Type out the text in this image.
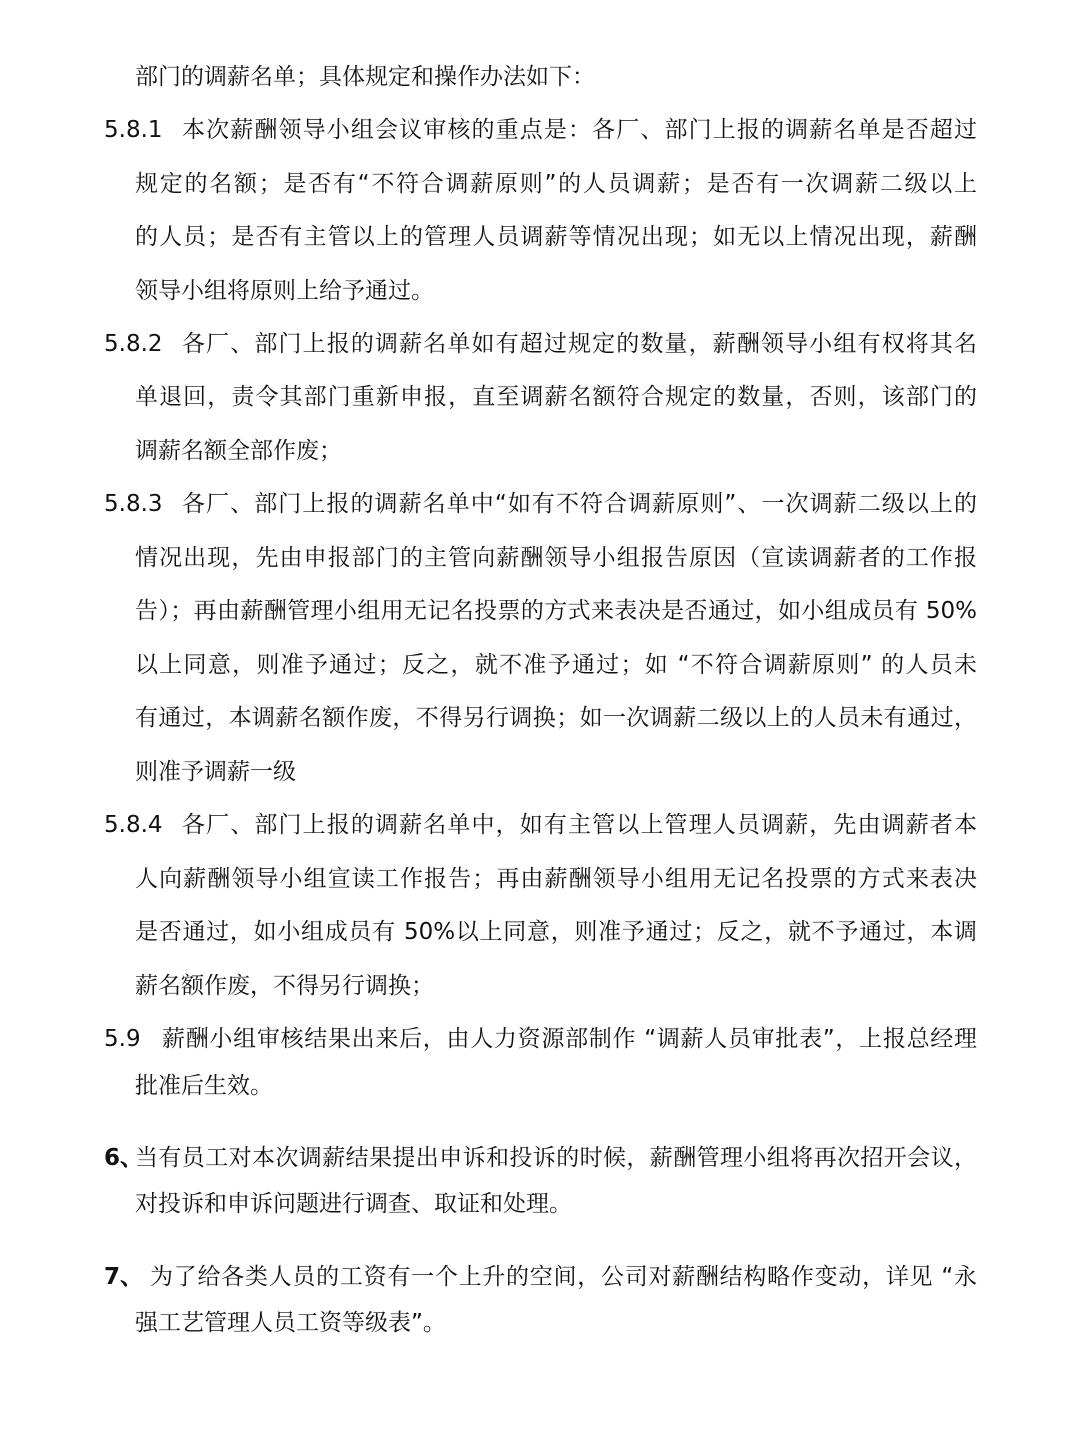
部门的调薪名单；具体规定和操作办法如下：
5.8.1 本次薪酬领导小组会议审核的重点是：各厂、部门上报的调薪名单是否超过
规定的名额；是否有“不符合调薪原则”的人员调薪；是否有一次调薪二级以上
的人员；是否有主管以上的管理人员调薪等情况出现；如无以上情况出现，薪酬
领导小组将原则上给予通过。
5.8.2 各厂、部门上报的调薪名单如有超过规定的数量，薪酬领导小组有权将其名
单退回，责令其部门重新申报，直至调薪名额符合规定的数量，否则，该部门的
调薪名额全部作废；
5.8.3 各厂、部门上报的调薪名单中“如有不符合调薪原则”、一次调薪二级以上的
情况出现，先由申报部门的主管向薪酬领导小组报告原因（宣读调薪者的工作报
告）；再由薪酬管理小组用无记名投票的方式来表决是否通过，如小组成员有 50%
以上同意，则准予通过；反之，就不准予通过；如 “不符合调薪原则” 的人员未
有通过，本调薪名额作废，不得另行调换；如一次调薪二级以上的人员未有通过，
则准予调薪一级
5.8.4 各厂、部门上报的调薪名单中，如有主管以上管理人员调薪，先由调薪者本
人向薪酬领导小组宣读工作报告；再由薪酬领导小组用无记名投票的方式来表决
是否通过，如小组成员有 50%以上同意，则准予通过；反之，就不予通过，本调
薪名额作废，不得另行调换；
5.9 薪酬小组审核结果出来后，由人力资源部制作 “调薪人员审批表”，上报总经理
批准后生效。
6、
当有员工对本次调薪结果提出申诉和投诉的时候，薪酬管理小组将再次招开会议，
对投诉和申诉问题进行调查、取证和处理。
7、 为了给各类人员的工资有一个上升的空间，公司对薪酬结构略作变动，详见 “永
强工艺管理人员工资等级表”。
